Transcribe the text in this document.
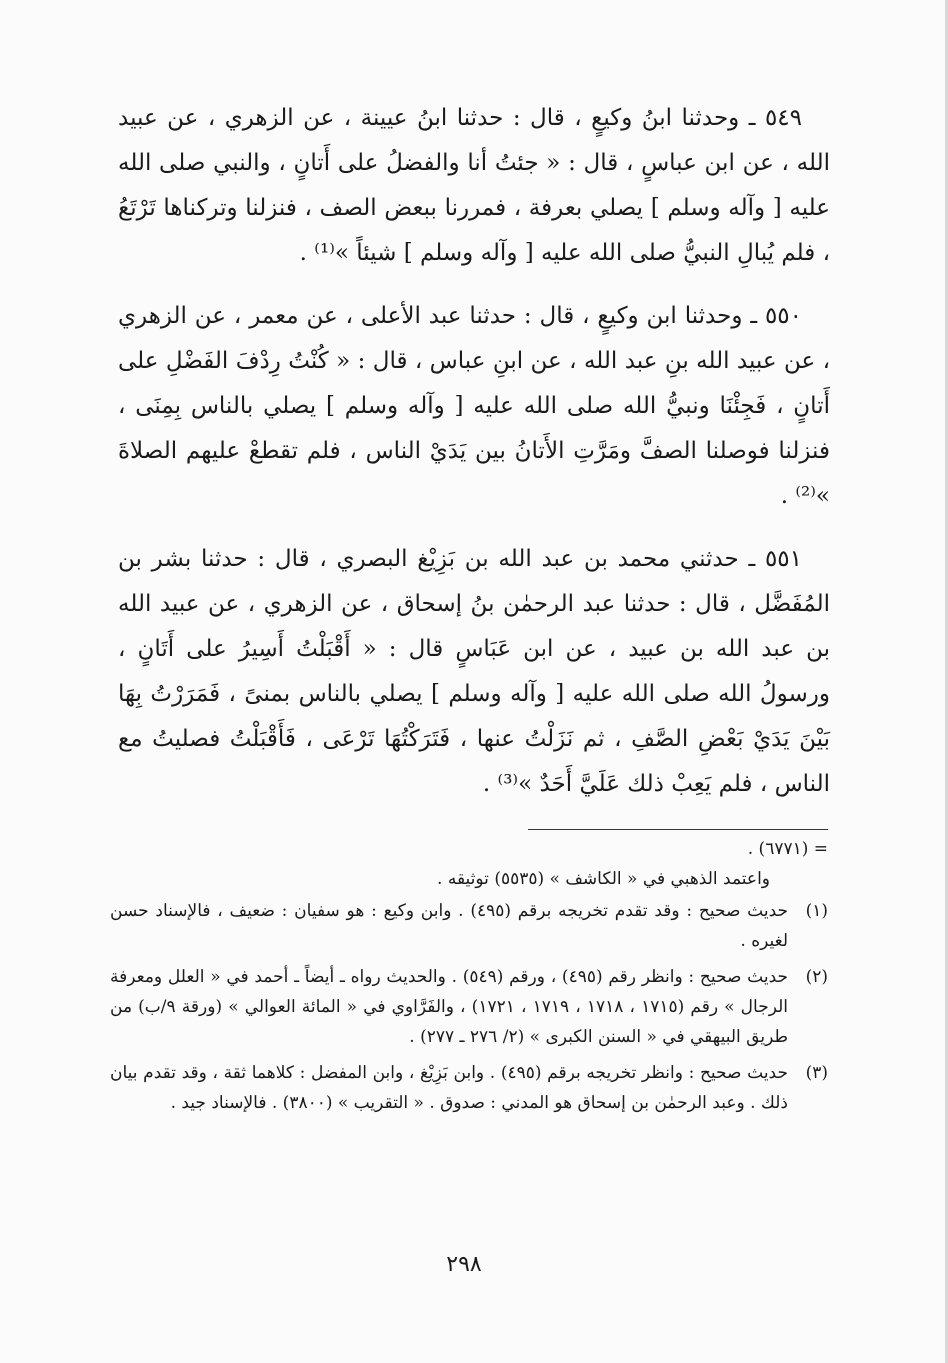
٥٤٩ ـ وحدثنا ابنُ وكيعٍ ، قال : حدثنا ابنُ عيينة ، عن الزهري ، عن عبيد الله ، عن ابن عباسٍ ، قال : « جئتُ أنا والفضلُ على أَتانٍ ، والنبي صلى الله عليه [ وآله وسلم ] يصلي بعرفة ، فمررنا ببعض الصف ، فنزلنا وتركناها تَرْتَعُ ، فلم يُبالِ النبيُّ صلى الله عليه [ وآله وسلم ] شيئاً »⁽¹⁾ .

٥٥٠ ـ وحدثنا ابن وكيعٍ ، قال : حدثنا عبد الأعلى ، عن معمر ، عن الزهري ، عن عبيد الله بنِ عبد الله ، عن ابنِ عباس ، قال : « كُنْتُ رِدْفَ الفَضْلِ على أَتانٍ ، فَجِئْنَا ونبيُّ الله صلى الله عليه [ وآله وسلم ] يصلي بالناس بِمِنَى ، فنزلنا فوصلنا الصفَّ ومَرَّتِ الأَتانُ بين يَدَيْ الناس ، فلم تقطعْ عليهم الصلاةَ »⁽²⁾ .

٥٥١ ـ حدثني محمد بن عبد الله بن بَزِيْغ البصري ، قال : حدثنا بشر بن المُفَضَّل ، قال : حدثنا عبد الرحمٰن بنُ إسحاق ، عن الزهري ، عن عبيد الله بن عبد الله بن عبيد ، عن ابن عَبَاسٍ قال : « أَقْبَلْتُ أَسِيرُ على أَتَانٍ ، ورسولُ الله صلى الله عليه [ وآله وسلم ] يصلي بالناس بمنىً ، فَمَرَرْتُ بِهَا بَيْنَ يَدَيْ بَعْضِ الصَّفِ ، ثم نَزَلْتُ عنها ، فَتَرَكْتُهَا تَرْعَى ، فَأَقْبَلْتُ فصليتُ مع الناس ، فلم يَعِبْ ذلك عَلَيَّ أَحَدٌ »⁽³⁾ .

= (٦٧٧١) .

واعتمد الذهبي في « الكاشف » (٥٥٣٥) توثيقه .

(١)
حديث صحيح : وقد تقدم تخريجه برقم (٤٩٥) . وابن وكيع : هو سفيان : ضعيف ، فالإسناد حسن لغيره .
(٢)
حديث صحيح : وانظر رقم (٤٩٥) ، ورقم (٥٤٩) . والحديث رواه ـ أيضاً ـ أحمد في « العلل ومعرفة الرجال » رقم (١٧١٥ ، ١٧١٨ ، ١٧١٩ ، ١٧٢١) ، والفَرَّاوي في « المائة العوالي » (ورقة ٩/ب) من طريق البيهقي في « السنن الكبرى » (٢/ ٢٧٦ ـ ٢٧٧) .
(٣)
حديث صحيح : وانظر تخريجه برقم (٤٩٥) . وابن بَزِيْغ ، وابن المفضل : كلاهما ثقة ، وقد تقدم بيان ذلك . وعبد الرحمٰن بن إسحاق هو المدني : صدوق . « التقريب » (٣٨٠٠) . فالإسناد جيد .
٢٩٨
